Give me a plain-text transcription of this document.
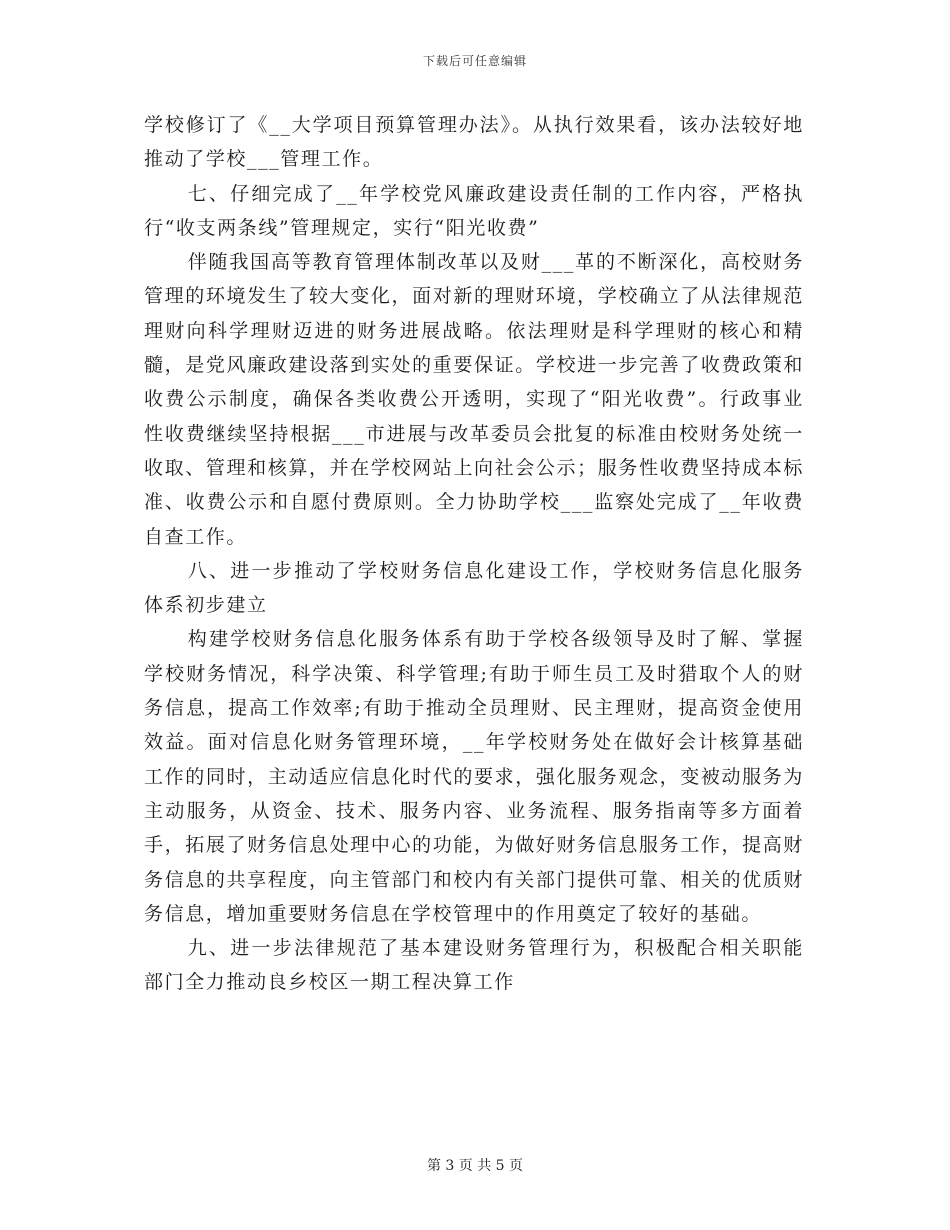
下载后可任意编辑

学校修订了《__大学项目预算管理办法》。从执行效果看，该办法较好地推动了学校___管理工作。

七、仔细完成了__年学校党风廉政建设责任制的工作内容，严格执行“收支两条线”管理规定，实行“阳光收费”

伴随我国高等教育管理体制改革以及财___革的不断深化，高校财务管理的环境发生了较大变化，面对新的理财环境，学校确立了从法律规范理财向科学理财迈进的财务进展战略。依法理财是科学理财的核心和精髓，是党风廉政建设落到实处的重要保证。学校进一步完善了收费政策和收费公示制度，确保各类收费公开透明，实现了“阳光收费”。行政事业性收费继续坚持根据___市进展与改革委员会批复的标准由校财务处统一收取、管理和核算，并在学校网站上向社会公示；服务性收费坚持成本标准、收费公示和自愿付费原则。全力协助学校___监察处完成了__年收费自查工作。

八、进一步推动了学校财务信息化建设工作，学校财务信息化服务体系初步建立

构建学校财务信息化服务体系有助于学校各级领导及时了解、掌握学校财务情况，科学决策、科学管理;有助于师生员工及时猎取个人的财务信息，提高工作效率;有助于推动全员理财、民主理财，提高资金使用效益。面对信息化财务管理环境，__年学校财务处在做好会计核算基础工作的同时，主动适应信息化时代的要求，强化服务观念，变被动服务为主动服务，从资金、技术、服务内容、业务流程、服务指南等多方面着手，拓展了财务信息处理中心的功能，为做好财务信息服务工作，提高财务信息的共享程度，向主管部门和校内有关部门提供可靠、相关的优质财务信息，增加重要财务信息在学校管理中的作用奠定了较好的基础。

九、进一步法律规范了基本建设财务管理行为，积极配合相关职能部门全力推动良乡校区一期工程决算工作

第 3 页 共 5 页
